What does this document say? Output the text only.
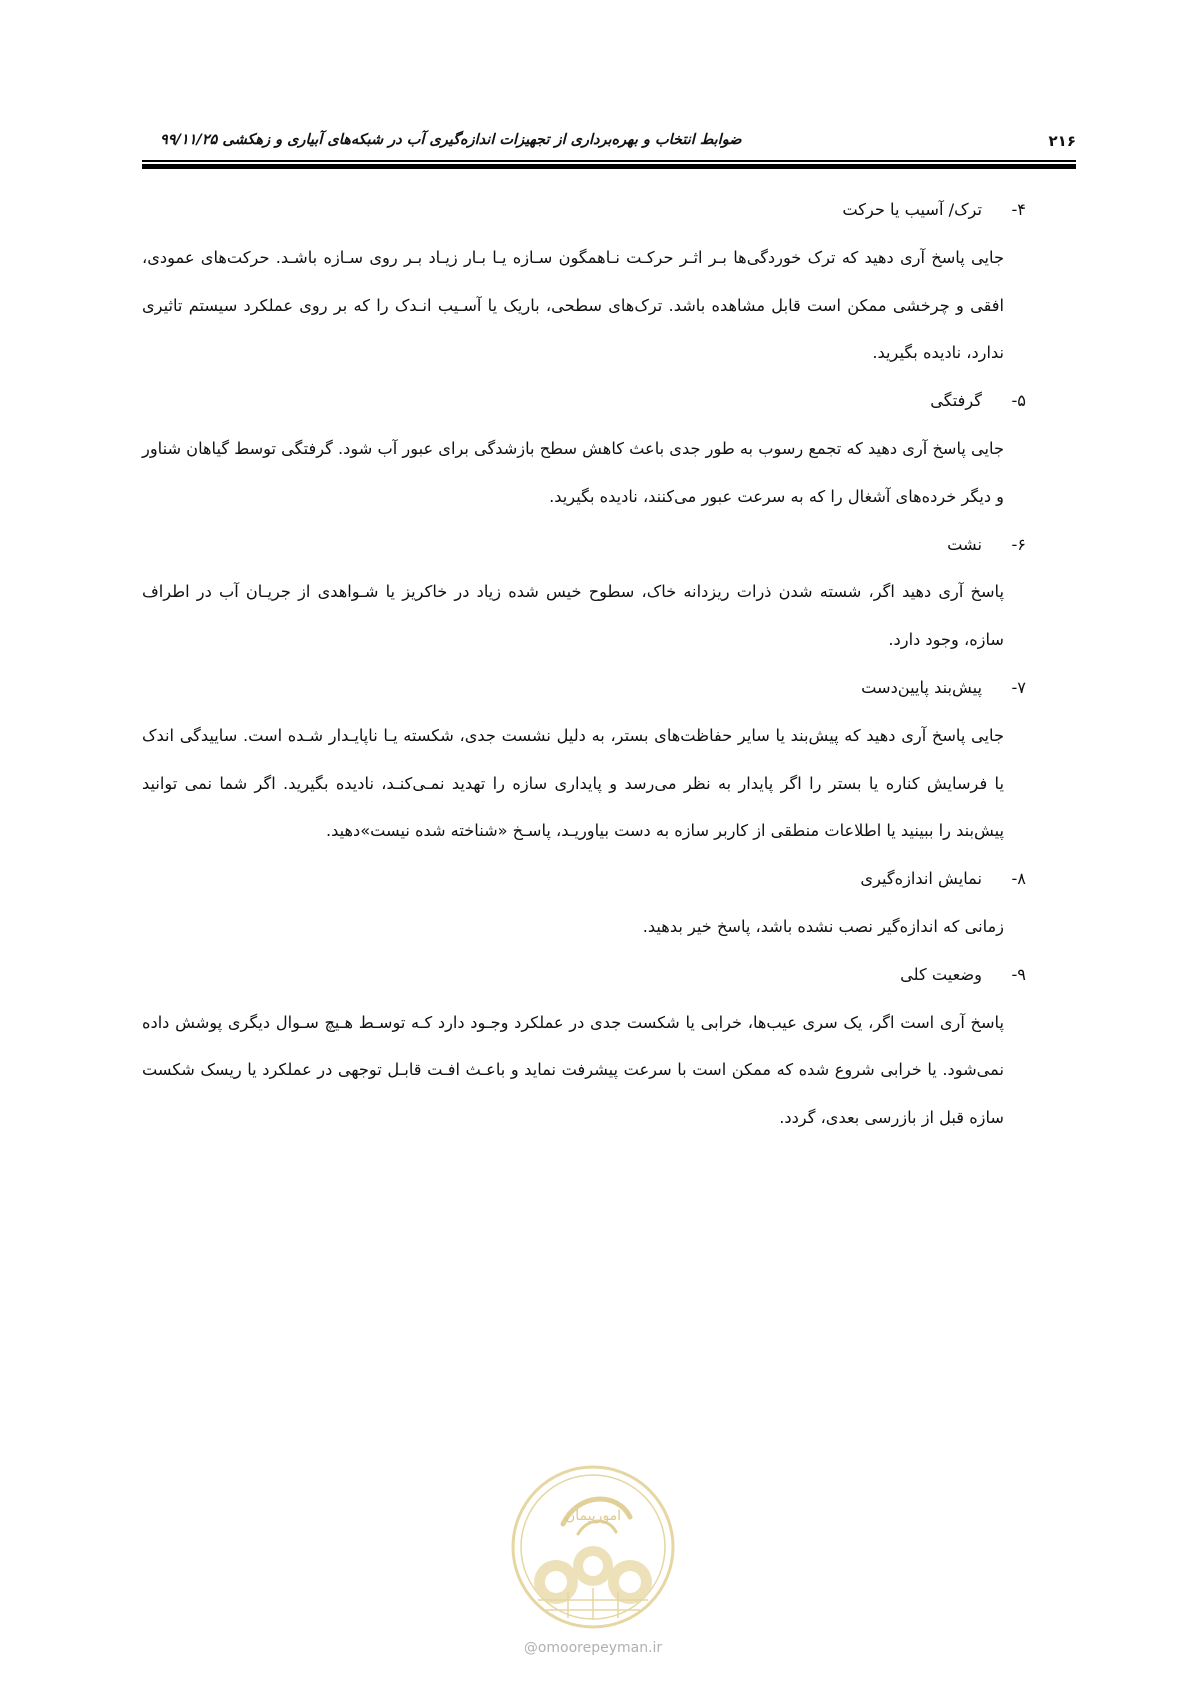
۲۱۶
ضوابط انتخاب و بهره‌برداری از تجهیزات اندازه‌گیری آب در شبکه‌های آبیاری و زهکشی ۹۹/۱۱/۲۵
۴-ترک/ آسیب یا حرکت

جایی پاسخ آری دهید که ترک خوردگی‌ها بـر اثـر حرکـت نـاهمگون سـازه یـا بـار زیـاد بـر روی سـازه باشـد. حرکت‌های عمودی، افقی و چرخشی ممکن است قابل مشاهده باشد. ترک‌های سطحی، باریک یا آسـیب انـدک را که بر روی عملکرد سیستم تاثیری ندارد، نادیده بگیرید.

۵-گرفتگی

جایی پاسخ آری دهید که تجمع رسوب به طور جدی باعث کاهش سطح بازشدگی برای عبور آب شود. گرفتگی توسط گیاهان شناور و دیگر خرده‌های آشغال را که به سرعت عبور می‌کنند، نادیده بگیرید.

۶-نشت

پاسخ آری دهید اگر، شسته شدن ذرات ریزدانه خاک، سطوح خیس شده زیاد در خاکریز یا شـواهدی از جریـان آب در اطراف سازه، وجود دارد.

۷-پیش‌بند پایین‌دست

جایی پاسخ آری دهید که پیش‌بند یا سایر حفاظت‌های بستر، به دلیل نشست جدی، شکسته یـا ناپایـدار شـده است. ساییدگی اندک یا فرسایش کناره یا بستر را اگر پایدار به نظر می‌رسد و پایداری سازه را تهدید نمـی‌کنـد، نادیده بگیرید. اگر شما نمی توانید پیش‌بند را ببینید یا اطلاعات منطقی از کاربر سازه به دست بیاوریـد، پاسـخ «شناخته شده نیست»دهید.

۸-نمایش اندازه‌گیری

زمانی که اندازه‌گیر نصب نشده باشد، پاسخ خیر بدهید.

۹-وضعیت کلی

پاسخ آری است اگر، یک سری عیب‌ها، خرابی یا شکست جدی در عملکرد وجـود دارد کـه توسـط هـیچ سـوال دیگری پوشش داده نمی‌شود. یا خرابی شروع شده که ممکن است با سرعت پیشرفت نماید و باعـث افـت قابـل توجهی در عملکرد یا ریسک شکست سازه قبل از بازرسی بعدی، گردد.

امورپیمان
@omoorepeyman.ir
